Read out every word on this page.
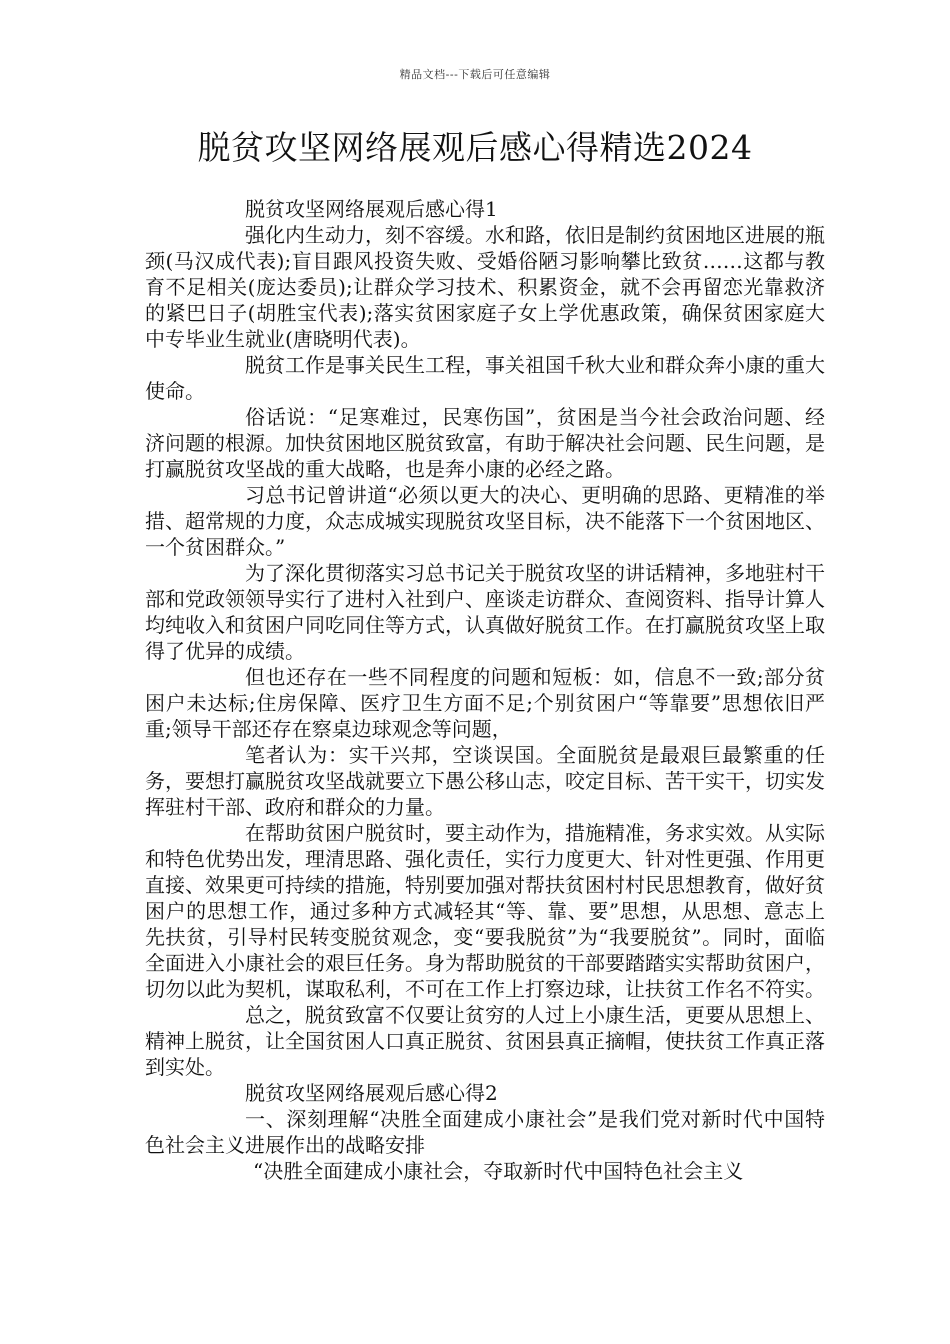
精品文档---下载后可任意编辑
脱贫攻坚网络展观后感心得精选2024

脱贫攻坚网络展观后感心得1

强化内生动力，刻不容缓。水和路，依旧是制约贫困地区进展的瓶颈(马汉成代表);盲目跟风投资失败、受婚俗陋习影响攀比致贫……这都与教育不足相关(庞达委员);让群众学习技术、积累资金，就不会再留恋光靠救济的紧巴日子(胡胜宝代表);落实贫困家庭子女上学优惠政策，确保贫困家庭大中专毕业生就业(唐晓明代表)。

脱贫工作是事关民生工程，事关祖国千秋大业和群众奔小康的重大使命。

俗话说：“足寒难过，民寒伤国”，贫困是当今社会政治问题、经济问题的根源。加快贫困地区脱贫致富，有助于解决社会问题、民生问题，是打赢脱贫攻坚战的重大战略，也是奔小康的必经之路。

习总书记曾讲道“必须以更大的决心、更明确的思路、更精准的举措、超常规的力度，众志成城实现脱贫攻坚目标，决不能落下一个贫困地区、一个贫困群众。”

为了深化贯彻落实习总书记关于脱贫攻坚的讲话精神，多地驻村干部和党政领领导实行了进村入社到户、座谈走访群众、查阅资料、指导计算人均纯收入和贫困户同吃同住等方式，认真做好脱贫工作。在打赢脱贫攻坚上取得了优异的成绩。

但也还存在一些不同程度的问题和短板：如，信息不一致;部分贫困户未达标;住房保障、医疗卫生方面不足;个别贫困户“等靠要”思想依旧严重;领导干部还存在察桌边球观念等问题，

笔者认为：实干兴邦，空谈误国。全面脱贫是最艰巨最繁重的任务，要想打赢脱贫攻坚战就要立下愚公移山志，咬定目标、苦干实干，切实发挥驻村干部、政府和群众的力量。

在帮助贫困户脱贫时，要主动作为，措施精准，务求实效。从实际和特色优势出发，理清思路、强化责任，实行力度更大、针对性更强、作用更直接、效果更可持续的措施，特别要加强对帮扶贫困村村民思想教育，做好贫困户的思想工作，通过多种方式减轻其“等、靠、要”思想，从思想、意志上先扶贫，引导村民转变脱贫观念，变“要我脱贫”为“我要脱贫”。同时，面临全面进入小康社会的艰巨任务。身为帮助脱贫的干部要踏踏实实帮助贫困户，切勿以此为契机，谋取私利，不可在工作上打察边球，让扶贫工作名不符实。

总之，脱贫致富不仅要让贫穷的人过上小康生活，更要从思想上、精神上脱贫，让全国贫困人口真正脱贫、贫困县真正摘帽，使扶贫工作真正落到实处。

脱贫攻坚网络展观后感心得2

一、深刻理解“决胜全面建成小康社会”是我们党对新时代中国特色社会主义进展作出的战略安排

“决胜全面建成小康社会，夺取新时代中国特色社会主义
